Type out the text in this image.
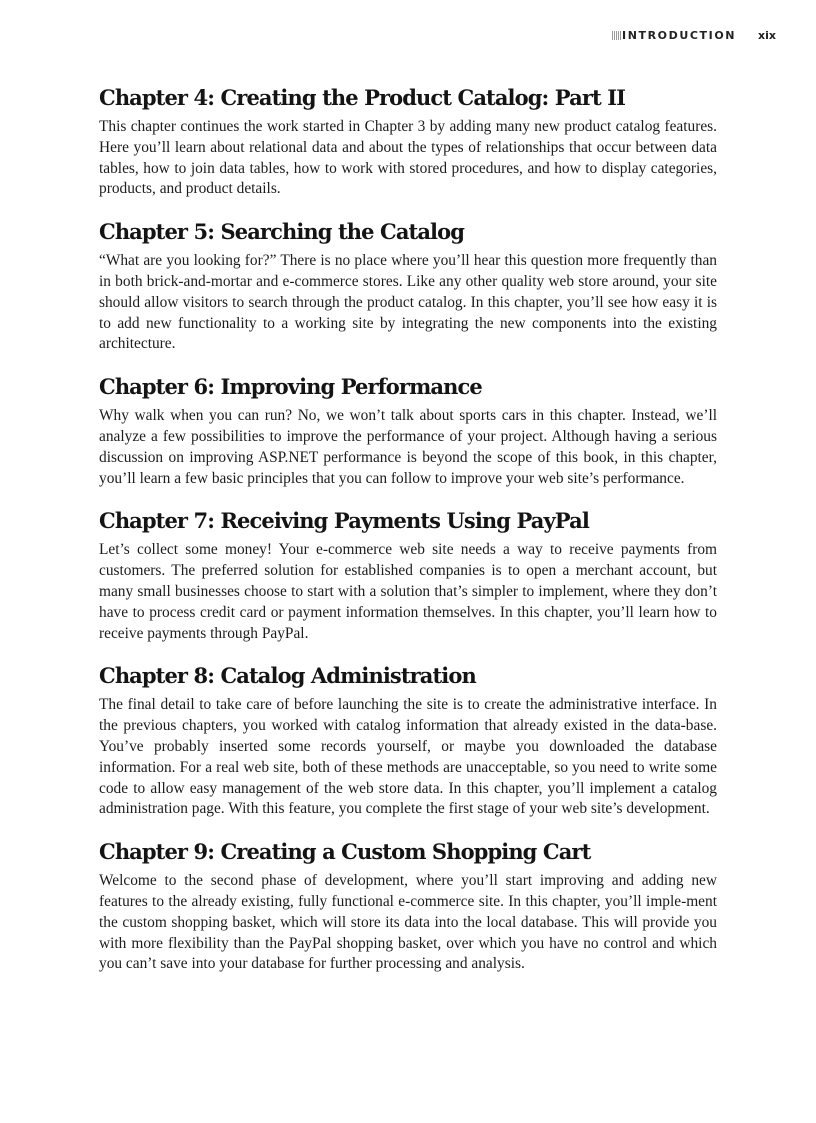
INTRODUCTION xix
Chapter 4: Creating the Product Catalog: Part II

This chapter continues the work started in Chapter 3 by adding many new product catalog features. Here you’ll learn about relational data and about the types of relationships that occur between data tables, how to join data tables, how to work with stored procedures, and how to display categories, products, and product details.

Chapter 5: Searching the Catalog

“What are you looking for?” There is no place where you’ll hear this question more frequently than in both brick-and-mortar and e-commerce stores. Like any other quality web store around, your site should allow visitors to search through the product catalog. In this chapter, you’ll see how easy it is to add new functionality to a working site by integrating the new components into the existing architecture.

Chapter 6: Improving Performance

Why walk when you can run? No, we won’t talk about sports cars in this chapter. Instead, we’ll analyze a few possibilities to improve the performance of your project. Although having a serious discussion on improving ASP.NET performance is beyond the scope of this book, in this chapter, you’ll learn a few basic principles that you can follow to improve your web site’s performance.

Chapter 7: Receiving Payments Using PayPal

Let’s collect some money! Your e-commerce web site needs a way to receive payments from customers. The preferred solution for established companies is to open a merchant account, but many small businesses choose to start with a solution that’s simpler to implement, where they don’t have to process credit card or payment information themselves. In this chapter, you’ll learn how to receive payments through PayPal.

Chapter 8: Catalog Administration

The final detail to take care of before launching the site is to create the administrative interface. In the previous chapters, you worked with catalog information that already existed in the data-base. You’ve probably inserted some records yourself, or maybe you downloaded the database information. For a real web site, both of these methods are unacceptable, so you need to write some code to allow easy management of the web store data. In this chapter, you’ll implement a catalog administration page. With this feature, you complete the first stage of your web site’s development.

Chapter 9: Creating a Custom Shopping Cart

Welcome to the second phase of development, where you’ll start improving and adding new features to the already existing, fully functional e-commerce site. In this chapter, you’ll imple-ment the custom shopping basket, which will store its data into the local database. This will provide you with more flexibility than the PayPal shopping basket, over which you have no control and which you can’t save into your database for further processing and analysis.
